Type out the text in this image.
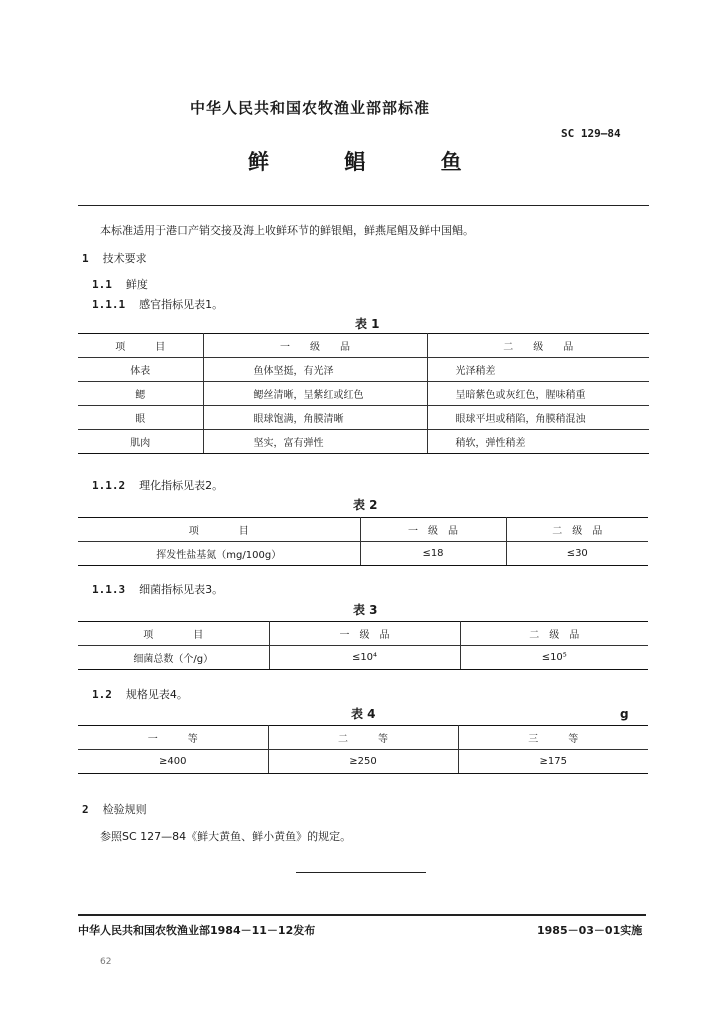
中华人民共和国农牧渔业部部标准
SC 129—84
鲜 鲳 鱼
本标准适用于港口产销交接及海上收鲜环节的鲜银鲳，鲜燕尾鲳及鲜中国鲳。
1 技术要求
1.1 鲜度
1.1.1 感官指标见表1。
表 1
项　　　目	一　　级　　品	二　　级　　品
体表	鱼体坚挺，有光泽	光泽稍差
鳃	鳃丝清晰，呈紫红或红色	呈暗紫色或灰红色，腥味稍重
眼	眼球饱满，角膜清晰	眼球平坦或稍陷，角膜稍混浊
肌肉	坚实，富有弹性	稍软，弹性稍差
1.1.2 理化指标见表2。
表 2
项　　　　目	一　级　品	二　级　品
挥发性盐基氮（mg/100g）	≤18	≤30
1.1.3 细菌指标见表3。
表 3
项　　　　目	一　级　品	二　级　品
细菌总数（个/g）	≤10⁴	≤10⁵
1.2 规格见表4。
表 4	g
一　　　等	二　　　等	三　　　等
≥400	≥250	≥175
2 检验规则
参照SC 127—84《鲜大黄鱼、鲜小黄鱼》的规定。
中华人民共和国农牧渔业部1984－11－12发布	1985－03－01实施
62
